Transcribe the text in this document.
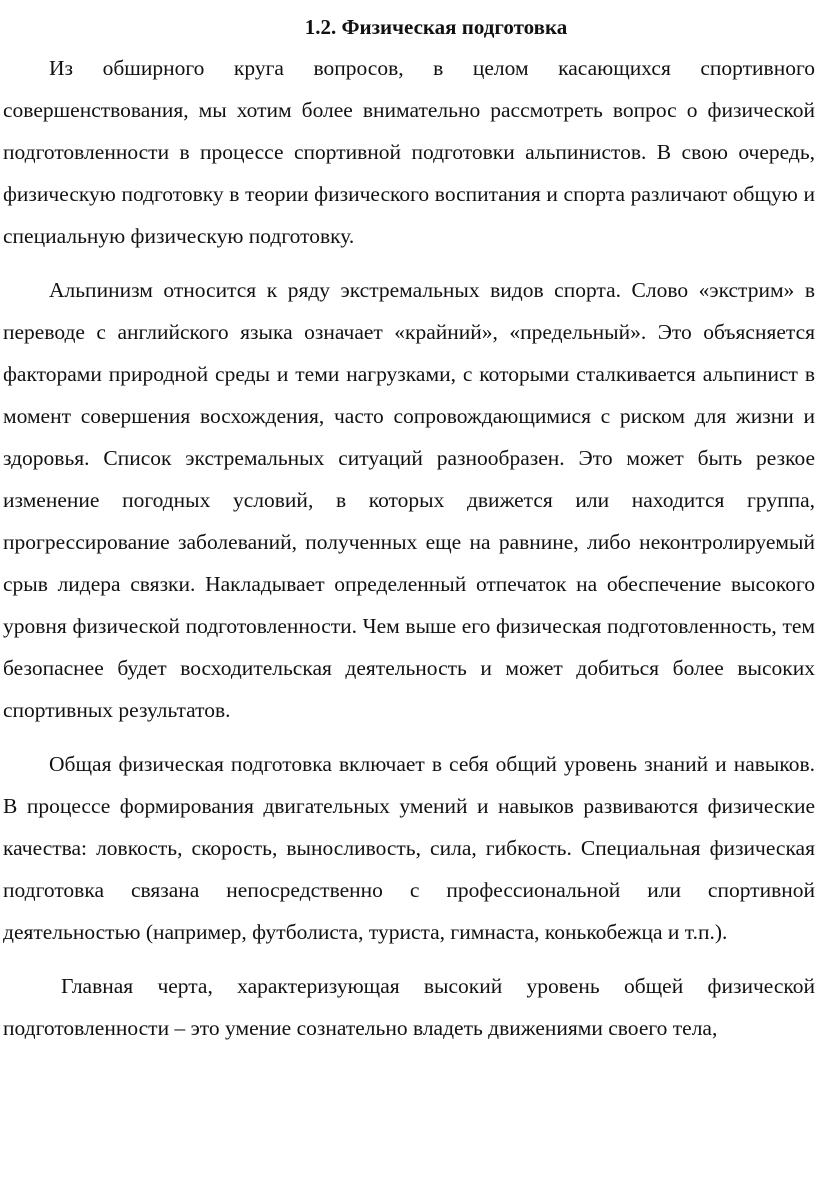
1.2. Физическая подготовка

Из обширного круга вопросов, в целом касающихся спортивного совершенствования, мы хотим более внимательно рассмотреть вопрос о физической подготовленности в процессе спортивной подготовки альпинистов. В свою очередь, физическую подготовку в теории физического воспитания и спорта различают общую и специальную физическую подготовку.

Альпинизм относится к ряду экстремальных видов спорта. Слово «экстрим» в переводе с английского языка означает «крайний», «предельный». Это объясняется факторами природной среды и теми нагрузками, с которыми сталкивается альпинист в момент совершения восхождения, часто сопровождающимися с риском для жизни и здоровья. Список экстремальных ситуаций разнообразен. Это может быть резкое изменение погодных условий, в которых движется или находится группа, прогрессирование заболеваний, полученных еще на равнине, либо неконтролируемый срыв лидера связки. Накладывает определенный отпечаток на обеспечение высокого уровня физической подготовленности. Чем выше его физическая подготовленность, тем безопаснее будет восходительская деятельность и может добиться более высоких спортивных результатов.

Общая физическая подготовка включает в себя общий уровень знаний и навыков. В процессе формирования двигательных умений и навыков развиваются физические качества: ловкость, скорость, выносливость, сила, гибкость. Специальная физическая подготовка связана непосредственно с профессиональной или спортивной деятельностью (например, футболиста, туриста, гимнаста, конькобежца и т.п.).

Главная черта, характеризующая высокий уровень общей физической подготовленности – это умение сознательно владеть движениями своего тела,
